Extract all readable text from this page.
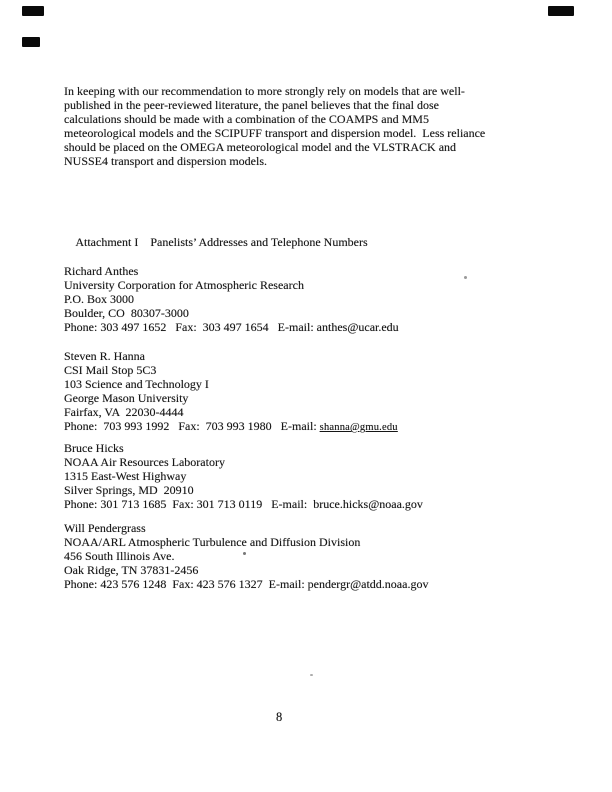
In keeping with our recommendation to more strongly rely on models that are well-
published in the peer-reviewed literature, the panel believes that the final dose
calculations should be made with a combination of the COAMPS and MM5
meteorological models and the SCIPUFF transport and dispersion model.  Less reliance
should be placed on the OMEGA meteorological model and the VLSTRACK and
NUSSE4 transport and dispersion models.

Attachment I Panelists’ Addresses and Telephone Numbers

Richard Anthes
University Corporation for Atmospheric Research
P.O. Box 3000
Boulder, CO  80307-3000
Phone: 303 497 1652   Fax:  303 497 1654   E-mail: anthes@ucar.edu
Steven R. Hanna
CSI Mail Stop 5C3
103 Science and Technology I
George Mason University
Fairfax, VA  22030-4444
Phone:  703 993 1992   Fax:  703 993 1980   E-mail: shanna@gmu.edu
Bruce Hicks
NOAA Air Resources Laboratory
1315 East-West Highway
Silver Springs, MD  20910
Phone: 301 713 1685  Fax: 301 713 0119   E-mail:  bruce.hicks@noaa.gov
Will Pendergrass
NOAA/ARL Atmospheric Turbulence and Diffusion Division
456 South Illinois Ave.
Oak Ridge, TN 37831-2456
Phone: 423 576 1248  Fax: 423 576 1327  E-mail: pendergr@atdd.noaa.gov
8
